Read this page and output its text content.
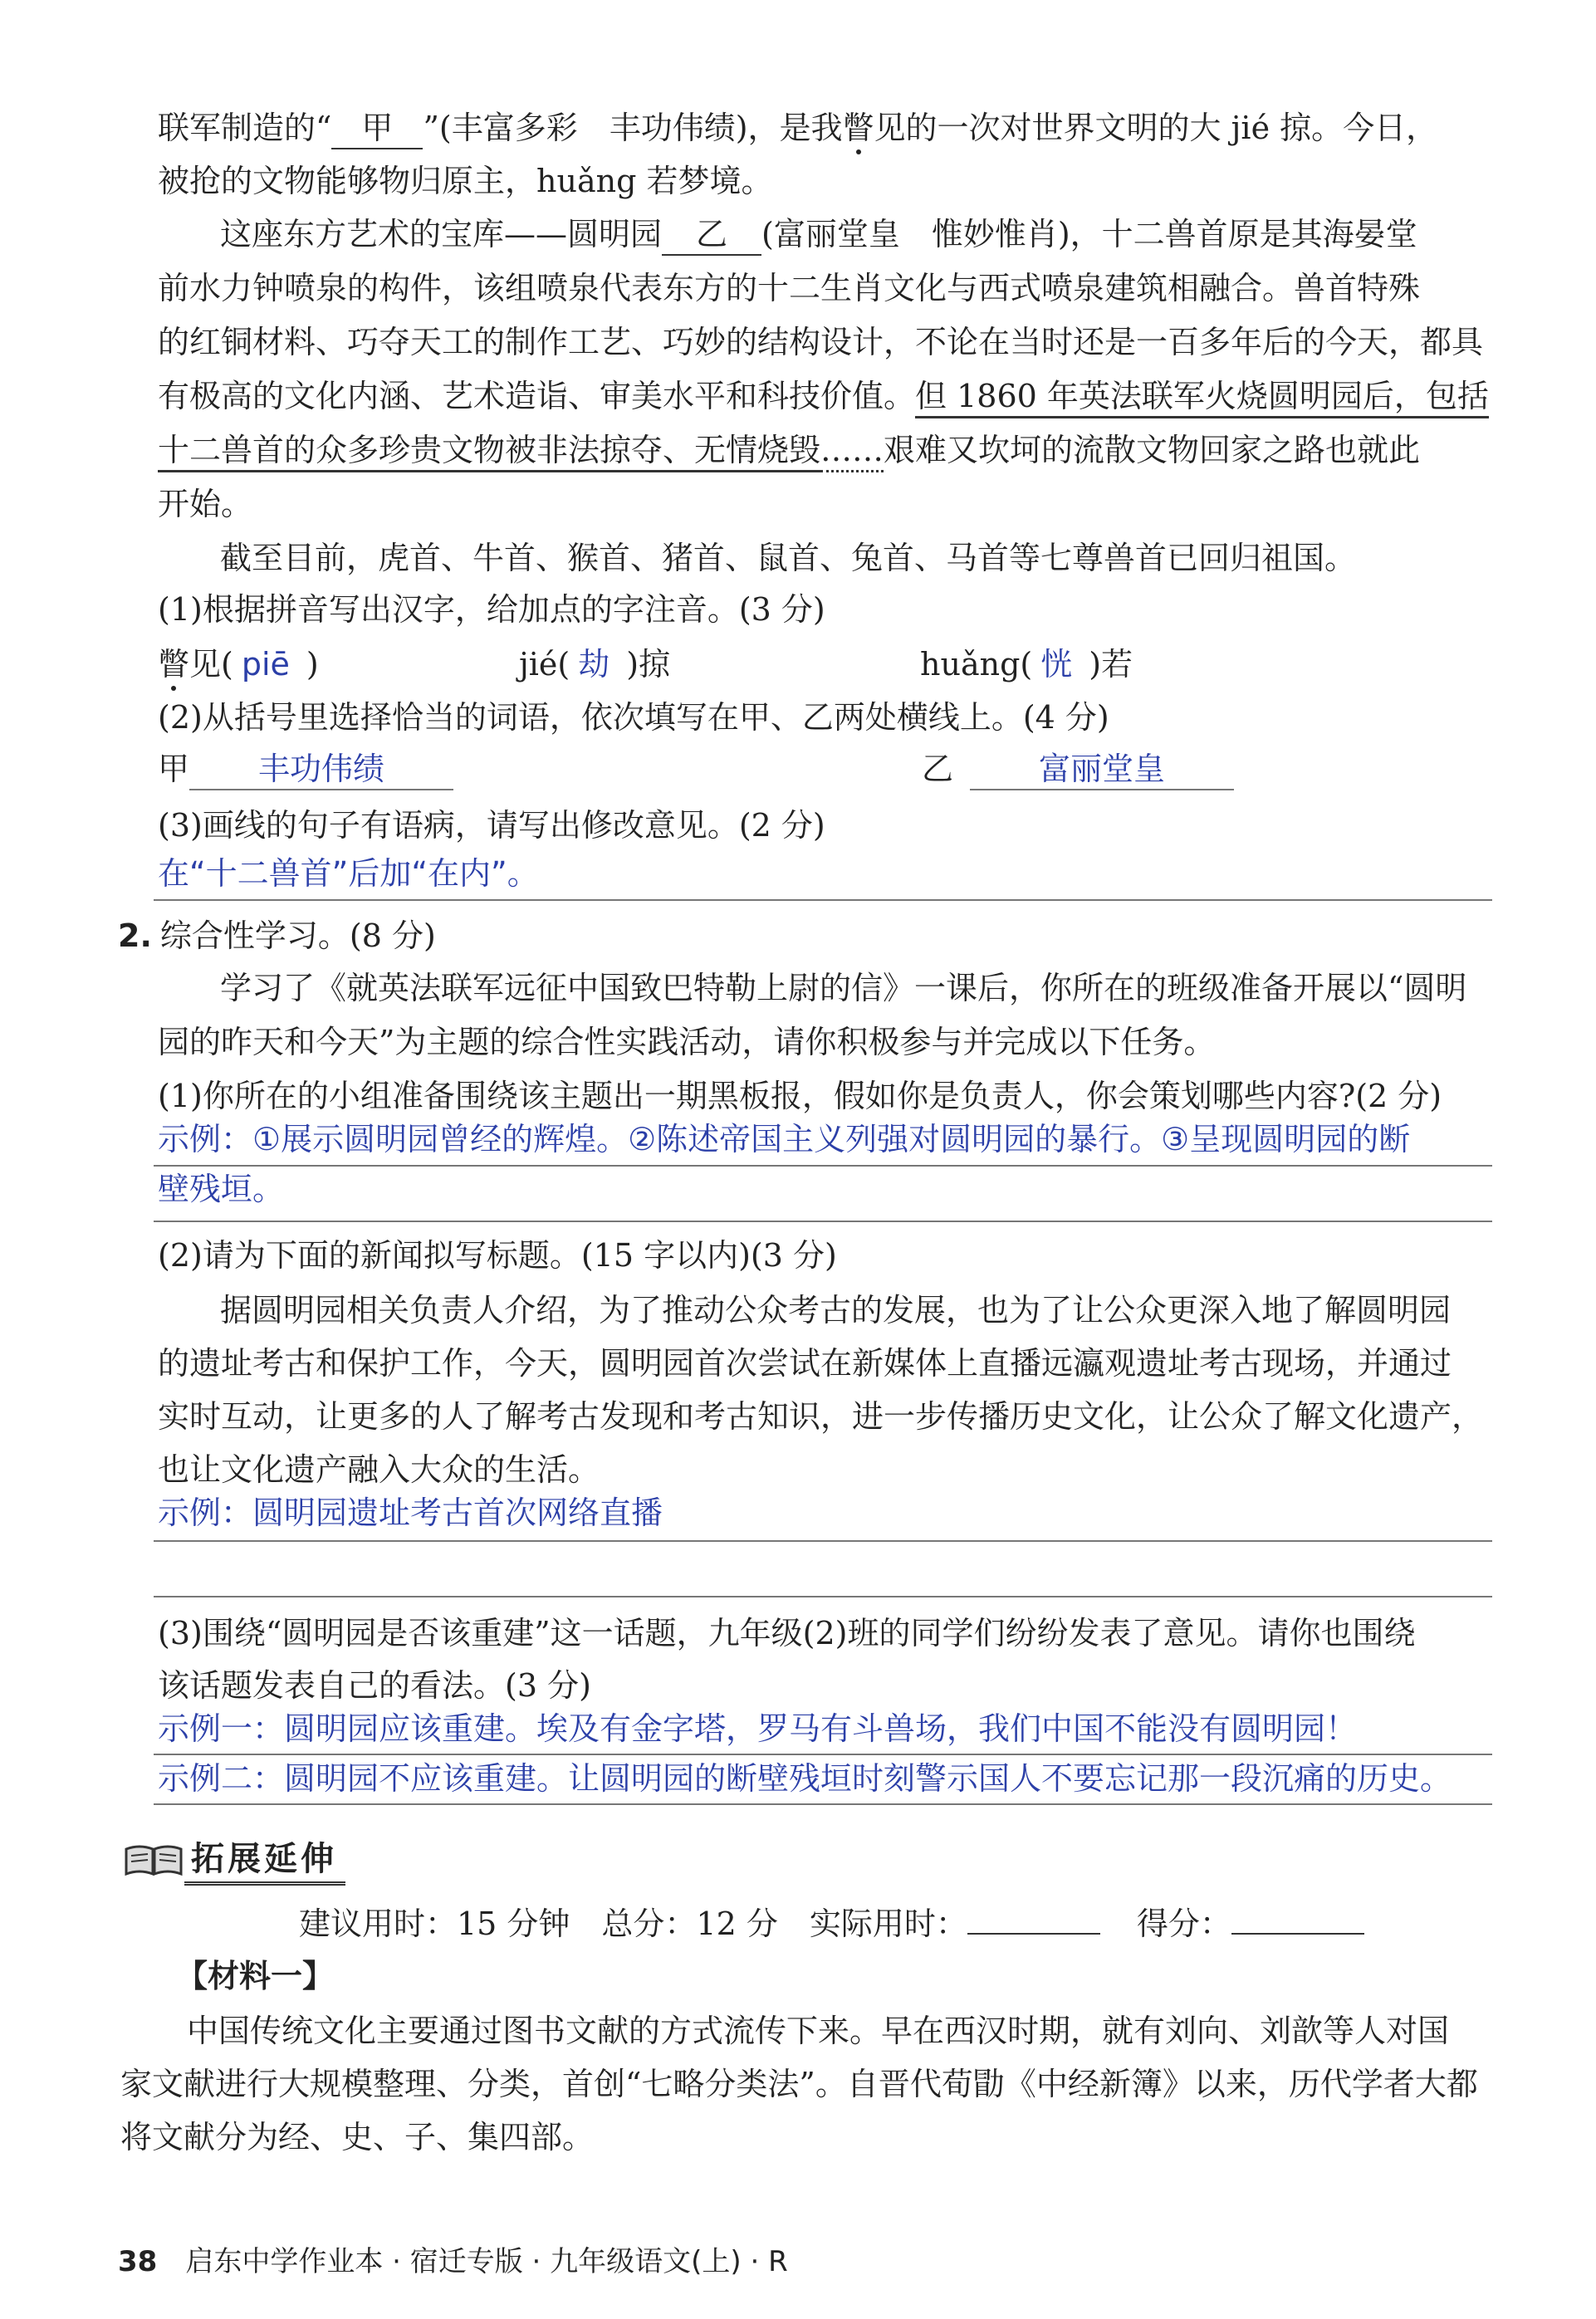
联军制造的“ 甲 ”(丰富多彩　丰功伟绩)，是我瞥见的一次对世界文明的大 jié 掠。今日，
被抢的文物能够物归原主，huǎng 若梦境。
这座东方艺术的宝库——圆明园 乙 (富丽堂皇　惟妙惟肖)，十二兽首原是其海晏堂
前水力钟喷泉的构件，该组喷泉代表东方的十二生肖文化与西式喷泉建筑相融合。兽首特殊
的红铜材料、巧夺天工的制作工艺、巧妙的结构设计，不论在当时还是一百多年后的今天，都具
有极高的文化内涵、艺术造诣、审美水平和科技价值。但 1860 年英法联军火烧圆明园后，包括
十二兽首的众多珍贵文物被非法掠夺、无情烧毁……艰难又坎坷的流散文物回家之路也就此
开始。
截至目前，虎首、牛首、猴首、猪首、鼠首、兔首、马首等七尊兽首已回归祖国。
(1)根据拼音写出汉字，给加点的字注音。(3 分)
瞥见( piē )	jié( 劫 )掠	huǎng( 恍 )若
(2)从括号里选择恰当的词语，依次填写在甲、乙两处横线上。(4 分)
甲 丰功伟绩	乙	富丽堂皇
(3)画线的句子有语病，请写出修改意见。(2 分)
在“十二兽首”后加“在内”。
2. 综合性学习。(8 分)
学习了《就英法联军远征中国致巴特勒上尉的信》一课后，你所在的班级准备开展以“圆明
园的昨天和今天”为主题的综合性实践活动，请你积极参与并完成以下任务。
(1)你所在的小组准备围绕该主题出一期黑板报，假如你是负责人，你会策划哪些内容?(2 分)
示例：①展示圆明园曾经的辉煌。②陈述帝国主义列强对圆明园的暴行。③呈现圆明园的断
壁残垣。
(2)请为下面的新闻拟写标题。(15 字以内)(3 分)
据圆明园相关负责人介绍，为了推动公众考古的发展，也为了让公众更深入地了解圆明园
的遗址考古和保护工作，今天，圆明园首次尝试在新媒体上直播远瀛观遗址考古现场，并通过
实时互动，让更多的人了解考古发现和考古知识，进一步传播历史文化，让公众了解文化遗产，
也让文化遗产融入大众的生活。
示例：圆明园遗址考古首次网络直播
(3)围绕“圆明园是否该重建”这一话题，九年级(2)班的同学们纷纷发表了意见。请你也围绕
该话题发表自己的看法。(3 分)
示例一：圆明园应该重建。埃及有金字塔，罗马有斗兽场，我们中国不能没有圆明园！
示例二：圆明园不应该重建。让圆明园的断壁残垣时刻警示国人不要忘记那一段沉痛的历史。
拓展延伸
建议用时：15 分钟　总分：12 分　实际用时：	得分：
【材料一】
中国传统文化主要通过图书文献的方式流传下来。早在西汉时期，就有刘向、刘歆等人对国
家文献进行大规模整理、分类，首创“七略分类法”。自晋代荀勖《中经新簿》以来，历代学者大都
将文献分为经、史、子、集四部。
38 启东中学作业本 · 宿迁专版 · 九年级语文(上) · R
